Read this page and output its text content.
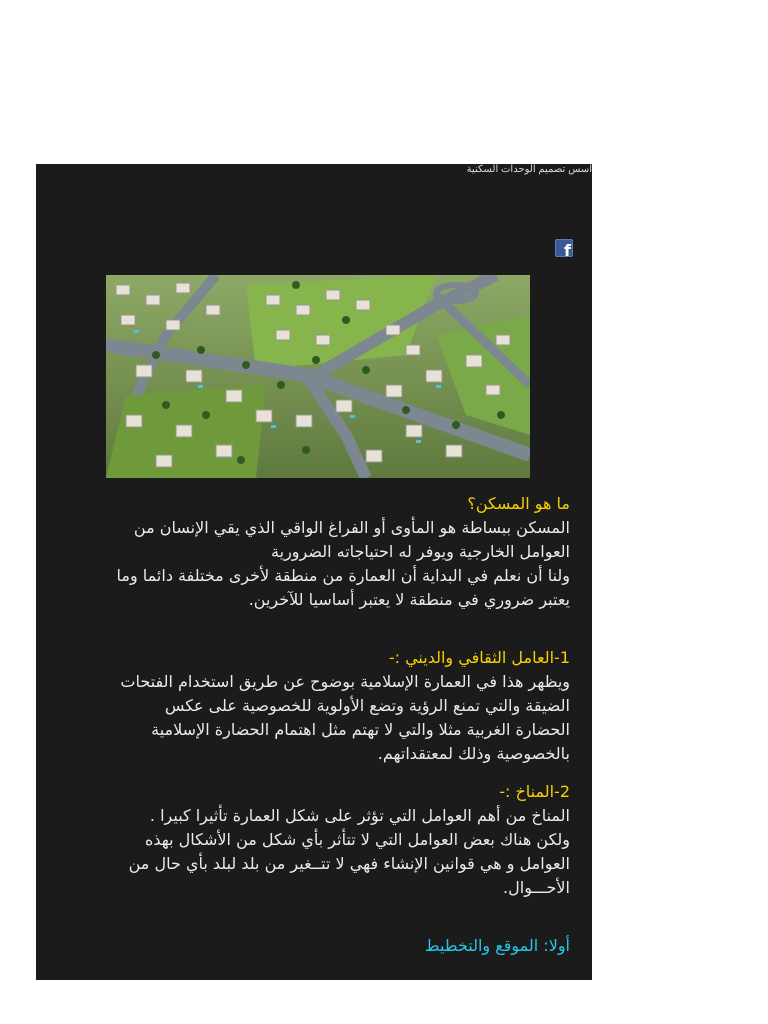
أسس تصميم الوحدات السكنية
f

ما هو المسكن؟

المسكن ببساطة هو المأوى أو الفراغ الواقي الذي يقي الإنسان من

العوامل الخارجية ويوفر له احتياجاته الضرورية

ولنا أن نعلم في البداية أن العمارة من منطقة لأخرى مختلفة دائما وما

يعتبر ضروري في منطقة لا يعتبر أساسيا للآخرين.

1-العامل الثقافي والديني :-

ويظهر هذا في العمارة الإسلامية بوضوح عن طريق استخدام الفتحات

الضيقة والتي تمنع الرؤية وتضع الأولوية للخصوصية على عكس

الحضارة الغربية مثلا والتي لا تهتم مثل اهتمام الحضارة الإسلامية

بالخصوصية وذلك لمعتقداتهم.

2-المناخ :-

المناخ من أهم العوامل التي تؤثر على شكل العمارة تأثيرا كبيرا .

ولكن هناك بعض العوامل التي لا تتأثر بأي شكل من الأشكال بهذه

العوامل و هي قوانين الإنشاء فهي لا تتــغير من بلد لبلد بأي حال من

الأحـــوال.

أولا: الموقع والتخطيط
